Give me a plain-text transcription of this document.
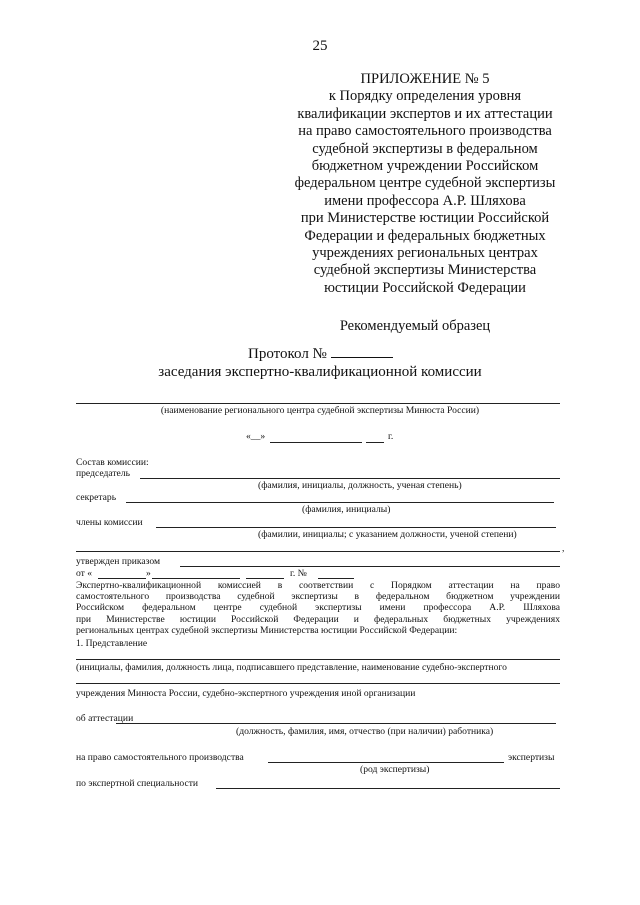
25
ПРИЛОЖЕНИЕ № 5
к Порядку определения уровня
квалификации экспертов и их аттестации
на право самостоятельного производства
судебной экспертизы в федеральном
бюджетном учреждении Российском
федеральном центре судебной экспертизы
имени профессора А.Р. Шляхова
при Министерстве юстиции Российской
Федерации и федеральных бюджетных
учреждениях региональных центрах
судебной экспертизы Министерства
юстиции Российской Федерации
Рекомендуемый образец
Протокол №
заседания экспертно-квалификационной комиссии
(наименование регионального центра судебной экспертизы Минюста России)
«__»	г.
Состав комиссии:
председатель
(фамилия, инициалы, должность, ученая степень)
секретарь
(фамилия, инициалы)
члены комиссии
(фамилии, инициалы; с указанием должности, ученой степени)
,
утвержден приказом
от «	»	г. №
Экспертно-квалификационной комиссией в соответствии с Порядком аттестации на право
самостоятельного производства судебной экспертизы в федеральном бюджетном учреждении
Российском федеральном центре судебной экспертизы имени профессора А.Р. Шляхова
при Министерстве юстиции Российской Федерации и федеральных бюджетных учреждениях
региональных центрах судебной экспертизы Министерства юстиции Российской Федерации:
1. Представление
(инициалы, фамилия, должность лица, подписавшего представление, наименование судебно-экспертного
учреждения Минюста России, судебно-экспертного учреждения иной организации
об аттестации
(должность, фамилия, имя, отчество (при наличии) работника)
на право самостоятельного производства	экспертизы
(род экспертизы)
по экспертной специальности
